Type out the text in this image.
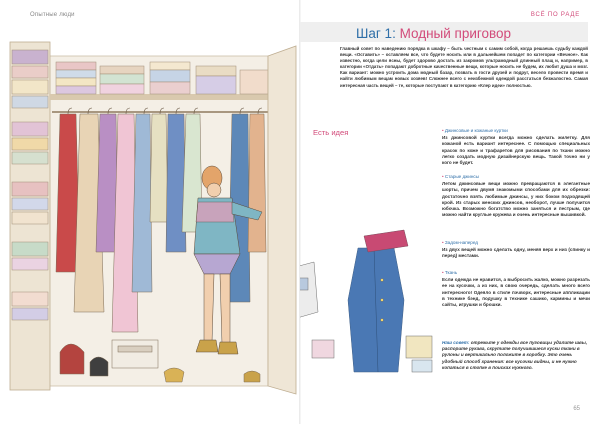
Опытные люди	ВСЁ ПО РАДЕ
Шаг 1: Модный приговор

Главный совет по наведению порядка в шкафу – быть честным с самим собой, когда решаешь судьбу каждой вещи. «Оставить» – оставляем все, что будете носить или в дальнейшем попадет по категории «Вечное». Как известно, когда цели ясны, будет здорово достать из закромов ультрамодный длинный плащ и, например, в категории «Отдать» попадают добротные качественные вещи, которые носить не будем, их любит душа и мозг. Как вариант: можно устроить дома модный базар, позвать в гости друзей и подруг, весело провести время и найти любимым вещам новых хозяев! Сложнее всего с неизбежной одеждой расстаться безжалостно. Самая интересная часть вещей – те, которые поступают в категорию «Клер идеи» полностью.

Есть идея
•	Джинсовые и кожаные куртки
Из джинсовой куртки всегда можно сделать жилетку. Для кожаной есть вариант интереснее. С помощью специальных красок по коже и трафаретов для рисования по ткани можно легко создать модную дизайнерскую вещь. Такой точно ни у кого не будет.
• Старые джинсы
Летом джинсовые вещи можно превращаются в элегантные шорты, причем двумя знакомыми способами для их обрезки: достаточно взять любимые джинсы, у них боком подходящей крой. Из старых женских джинсов, необорот, лучше получится юбочка. Возможно богатство можно заняться и пестрым, где можно найти круглые кружева и очень интересные вышивкой.
• Задом-наперед
Из двух вещей можно сделать одну, меняя верх и низ (спинку и перед) местами.
• Ткань
Если одежда не нравится, а выбросить жалко, можно разрезать ее на кусочки, а из них, в свою очередь, сделать много всего интересного! Одеяло в стиле пэчворк, интересные аппликации в технике бэнд, подушку в технике сашико, кармины и мечи сайты, игрушки и брошки.
Наш совет: отрежьте у одежды все пуговицы удалите швы, распорите рукава, скрутите получившиеся куски ткани в рулоны и вертикально положите в коробку. Это очень удобный способ хранения: все кусочки видны, и не нужно копаться в стопке в поисках нужного.
65
